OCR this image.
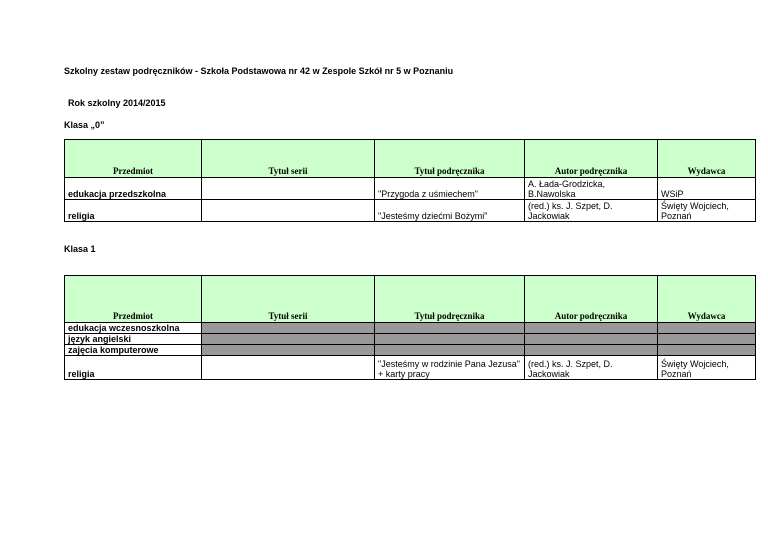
Szkolny zestaw podręczników - Szkoła Podstawowa nr 42 w Zespole Szkół nr 5 w Poznaniu
Rok szkolny 2014/2015
Klasa „0”
Przedmiot	Tytuł serii	Tytuł podręcznika	Autor podręcznika	Wydawca
edukacja przedszkolna		"Przygoda z uśmiechem"	A. Łada-Grodzicka, B.Nawolska	WSiP
religia		"Jesteśmy dziećmi Bożymi"	(red.) ks. J. Szpet, D. Jackowiak	Święty Wojciech, Poznań
Klasa 1
Przedmiot	Tytuł serii	Tytuł podręcznika	Autor podręcznika	Wydawca
edukacja wczesnoszkolna				
język angielski				
zajęcia komputerowe				
religia		"Jesteśmy w rodzinie Pana Jezusa" + karty pracy	(red.) ks. J. Szpet, D. Jackowiak	Święty Wojciech, Poznań
